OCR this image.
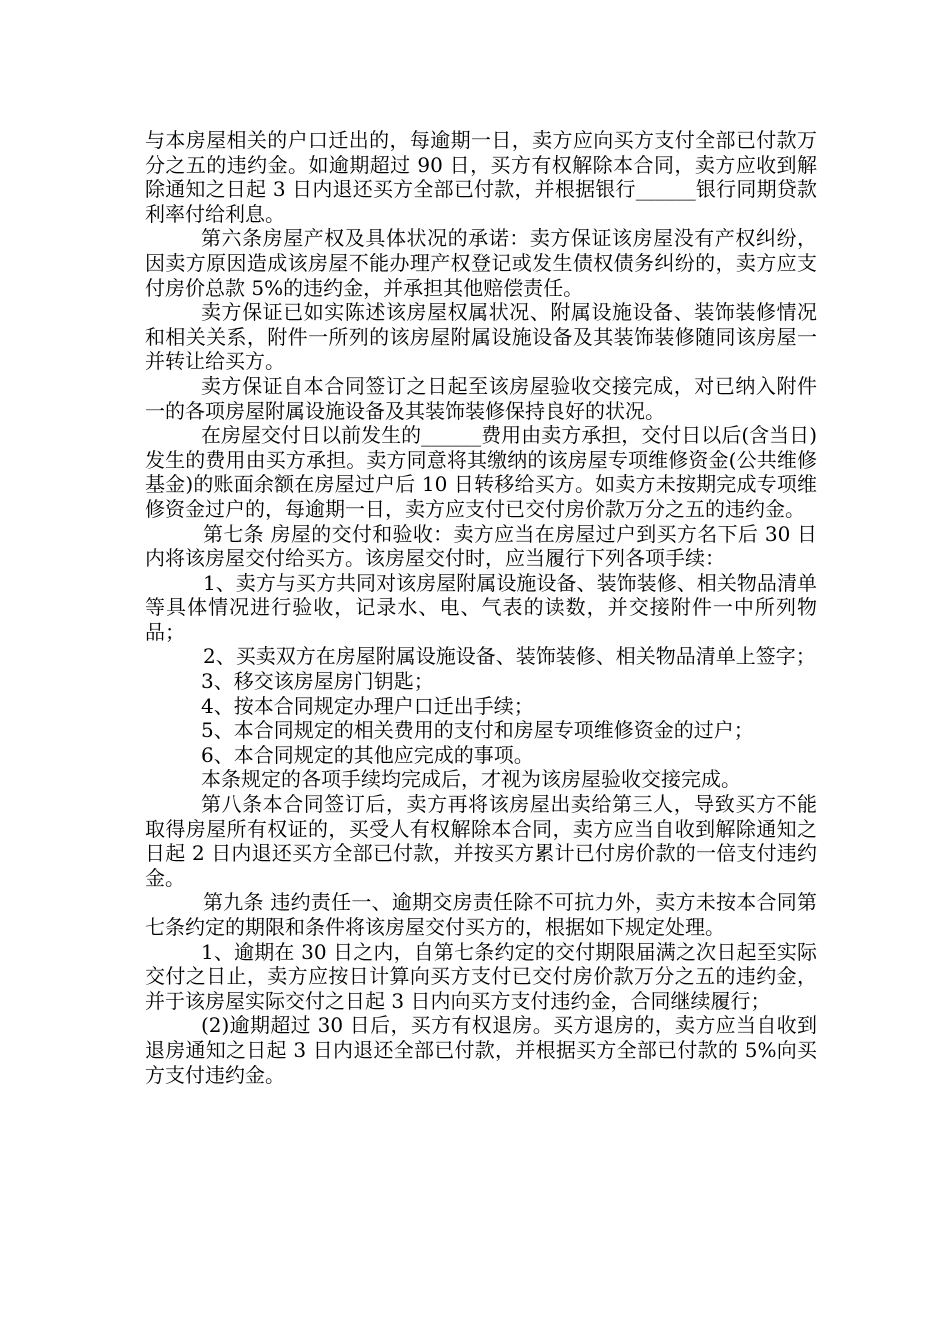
与本房屋相关的户口迁出的，每逾期一日，卖方应向买方支付全部已付款万分之五的违约金。如逾期超过 90 日，买方有权解除本合同，卖方应收到解除通知之日起 3 日内退还买方全部已付款，并根据银行______银行同期贷款利率付给利息。

第六条房屋产权及具体状况的承诺：卖方保证该房屋没有产权纠纷，因卖方原因造成该房屋不能办理产权登记或发生债权债务纠纷的，卖方应支付房价总款 5%的违约金，并承担其他赔偿责任。

卖方保证已如实陈述该房屋权属状况、附属设施设备、装饰装修情况和相关关系，附件一所列的该房屋附属设施设备及其装饰装修随同该房屋一并转让给买方。

卖方保证自本合同签订之日起至该房屋验收交接完成，对已纳入附件一的各项房屋附属设施设备及其装饰装修保持良好的状况。

在房屋交付日以前发生的______费用由卖方承担，交付日以后(含当日)发生的费用由买方承担。卖方同意将其缴纳的该房屋专项维修资金(公共维修基金)的账面余额在房屋过户后 10 日转移给买方。如卖方未按期完成专项维修资金过户的，每逾期一日，卖方应支付已交付房价款万分之五的违约金。

第七条 房屋的交付和验收：卖方应当在房屋过户到买方名下后 30 日内将该房屋交付给买方。该房屋交付时，应当履行下列各项手续：

1、卖方与买方共同对该房屋附属设施设备、装饰装修、相关物品清单等具体情况进行验收，记录水、电、气表的读数，并交接附件一中所列物品；

2、买卖双方在房屋附属设施设备、装饰装修、相关物品清单上签字；

3、移交该房屋房门钥匙；

4、按本合同规定办理户口迁出手续；

5、本合同规定的相关费用的支付和房屋专项维修资金的过户；

6、本合同规定的其他应完成的事项。

本条规定的各项手续均完成后，才视为该房屋验收交接完成。

第八条本合同签订后，卖方再将该房屋出卖给第三人，导致买方不能取得房屋所有权证的，买受人有权解除本合同，卖方应当自收到解除通知之日起 2 日内退还买方全部已付款，并按买方累计已付房价款的一倍支付违约金。

第九条 违约责任一、逾期交房责任除不可抗力外，卖方未按本合同第七条约定的期限和条件将该房屋交付买方的，根据如下规定处理。

1、逾期在 30 日之内，自第七条约定的交付期限届满之次日起至实际交付之日止，卖方应按日计算向买方支付已交付房价款万分之五的违约金，并于该房屋实际交付之日起 3 日内向买方支付违约金，合同继续履行；

(2)逾期超过 30 日后，买方有权退房。买方退房的，卖方应当自收到退房通知之日起 3 日内退还全部已付款，并根据买方全部已付款的 5%向买方支付违约金。
